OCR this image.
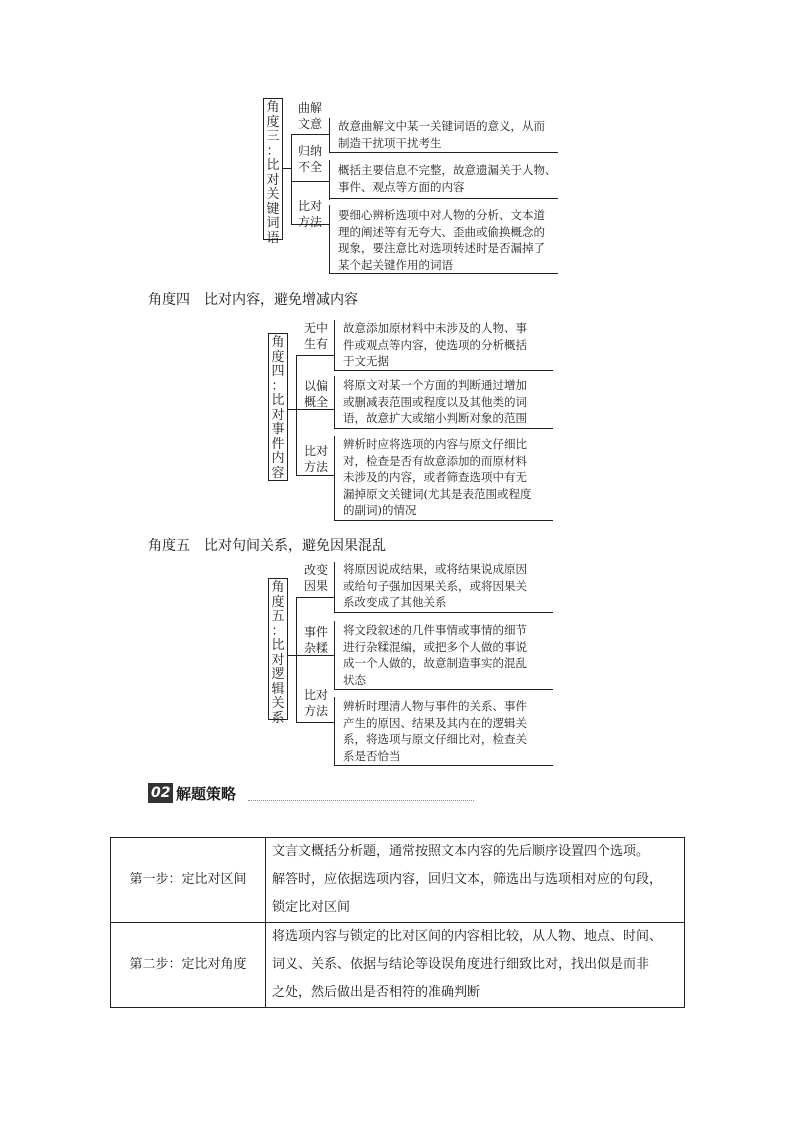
角
度
三
：
比
对
关
键
词
语
曲解
文意
归纳
不全
比对
方法
故意曲解文中某一关键词语的意义，从而
制造干扰项干扰考生
概括主要信息不完整，故意遗漏关于人物、
事件、观点等方面的内容
要细心辨析选项中对人物的分析、文本道
理的阐述等有无夸大、歪曲或偷换概念的
现象，要注意比对选项转述时是否漏掉了
某个起关键作用的词语
角度四　比对内容，避免增减内容
角
度
四
：
比
对
事
件
内
容
无中
生有
以偏
概全
比对
方法
故意添加原材料中未涉及的人物、事
件或观点等内容，使选项的分析概括
于文无据
将原文对某一个方面的判断通过增加
或删减表范围或程度以及其他类的词
语，故意扩大或缩小判断对象的范围
辨析时应将选项的内容与原文仔细比
对，检查是否有故意添加的而原材料
未涉及的内容，或者筛查选项中有无
漏掉原文关键词(尤其是表范围或程度
的副词)的情况
角度五　比对句间关系，避免因果混乱
角
度
五
：
比
对
逻
辑
关
系
改变
因果
事件
杂糅
比对
方法
将原因说成结果，或将结果说成原因
或给句子强加因果关系，或将因果关
系改变成了其他关系
将文段叙述的几件事情或事情的细节
进行杂糅混编，或把多个人做的事说
成一个人做的，故意制造事实的混乱
状态
辨析时理清人物与事件的关系、事件
产生的原因、结果及其内在的逻辑关
系，将选项与原文仔细比对，检查关
系是否恰当
02 解题策略
第一步：定比对区间	文言文概括分析题，通常按照文本内容的先后顺序设置四个选项。
解答时，应依据选项内容，回归文本，筛选出与选项相对应的句段，
锁定比对区间

第二步：定比对角度	将选项内容与锁定的比对区间的内容相比较，从人物、地点、时间、
词义、关系、依据与结论等设误角度进行细致比对，找出似是而非
之处，然后做出是否相符的准确判断
